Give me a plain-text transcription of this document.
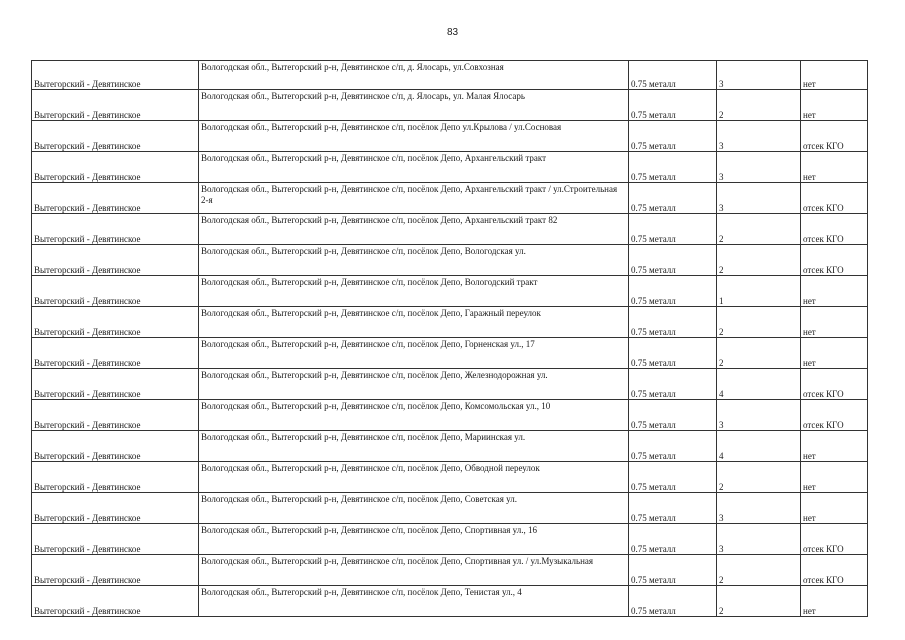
83
Вытегорский - Девятинское	Вологодская обл., Вытегорский р-н, Девятинское с/п, д. Ялосарь, ул.Совхозная	0.75 металл	3	нет
Вытегорский - Девятинское	Вологодская обл., Вытегорский р-н, Девятинское с/п, д. Ялосарь, ул. Малая Ялосарь	0.75 металл	2	нет
Вытегорский - Девятинское	Вологодская обл., Вытегорский р-н, Девятинское с/п, посёлок Депо ул.Крылова / ул.Сосновая	0.75 металл	3	отсек КГО
Вытегорский - Девятинское	Вологодская обл., Вытегорский р-н, Девятинское с/п, посёлок Депо, Архангельский тракт	0.75 металл	3	нет
Вытегорский - Девятинское	Вологодская обл., Вытегорский р-н, Девятинское с/п, посёлок Депо, Архангельский тракт / ул.Строительная 2-я	0.75 металл	3	отсек КГО
Вытегорский - Девятинское	Вологодская обл., Вытегорский р-н, Девятинское с/п, посёлок Депо, Архангельский тракт 82	0.75 металл	2	отсек КГО
Вытегорский - Девятинское	Вологодская обл., Вытегорский р-н, Девятинское с/п, посёлок Депо, Вологодская ул.	0.75 металл	2	отсек КГО
Вытегорский - Девятинское	Вологодская обл., Вытегорский р-н, Девятинское с/п, посёлок Депо, Вологодский тракт	0.75 металл	1	нет
Вытегорский - Девятинское	Вологодская обл., Вытегорский р-н, Девятинское с/п, посёлок Депо, Гаражный переулок	0.75 металл	2	нет
Вытегорский - Девятинское	Вологодская обл., Вытегорский р-н, Девятинское с/п, посёлок Депо, Горненская ул., 17	0.75 металл	2	нет
Вытегорский - Девятинское	Вологодская обл., Вытегорский р-н, Девятинское с/п, посёлок Депо, Железнодорожная ул.	0.75 металл	4	отсек КГО
Вытегорский - Девятинское	Вологодская обл., Вытегорский р-н, Девятинское с/п, посёлок Депо, Комсомольская ул., 10	0.75 металл	3	отсек КГО
Вытегорский - Девятинское	Вологодская обл., Вытегорский р-н, Девятинское с/п, посёлок Депо, Мариинская ул.	0.75 металл	4	нет
Вытегорский - Девятинское	Вологодская обл., Вытегорский р-н, Девятинское с/п, посёлок Депо, Обводной переулок	0.75 металл	2	нет
Вытегорский - Девятинское	Вологодская обл., Вытегорский р-н, Девятинское с/п, посёлок Депо, Советская ул.	0.75 металл	3	нет
Вытегорский - Девятинское	Вологодская обл., Вытегорский р-н, Девятинское с/п, посёлок Депо, Спортивная ул., 16	0.75 металл	3	отсек КГО
Вытегорский - Девятинское	Вологодская обл., Вытегорский р-н, Девятинское с/п, посёлок Депо, Спортивная ул. / ул.Музыкальная	0.75 металл	2	отсек КГО
Вытегорский - Девятинское	Вологодская обл., Вытегорский р-н, Девятинское с/п, посёлок Депо, Тенистая ул., 4	0.75 металл	2	нет
